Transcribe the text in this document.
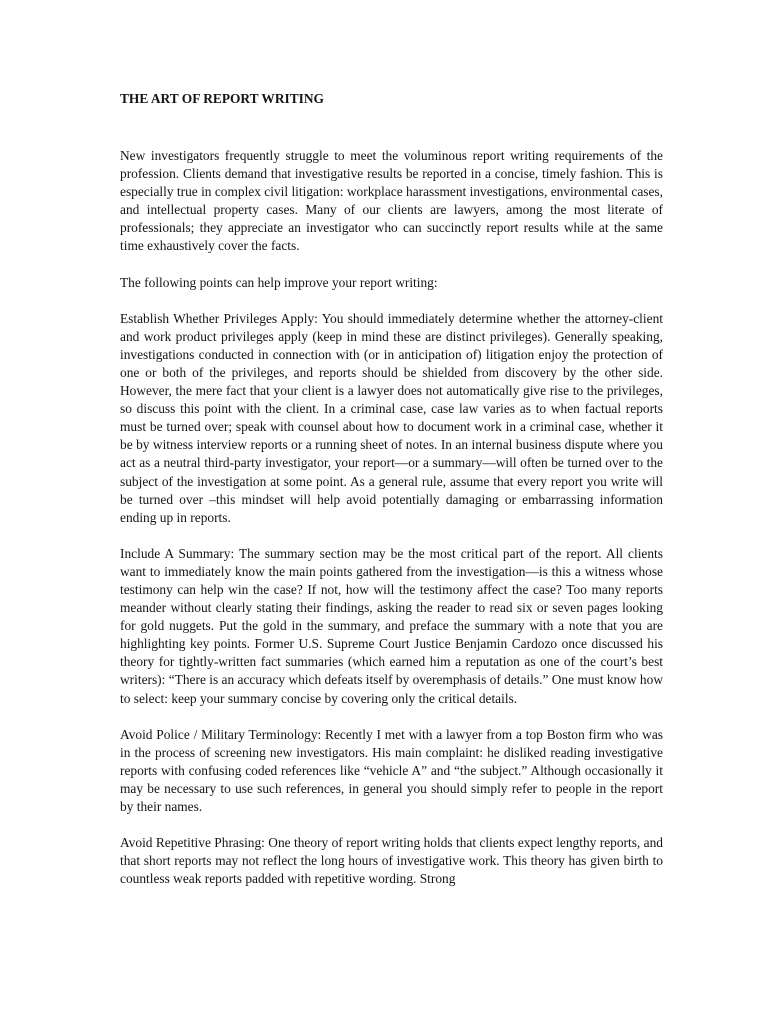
THE ART OF REPORT WRITING

New investigators frequently struggle to meet the voluminous report writing requirements of the profession. Clients demand that investigative results be reported in a concise, timely fashion. This is especially true in complex civil litigation: workplace harassment investigations, environmental cases, and intellectual property cases. Many of our clients are lawyers, among the most literate of professionals; they appreciate an investigator who can succinctly report results while at the same time exhaustively cover the facts.

The following points can help improve your report writing:

Establish Whether Privileges Apply: You should immediately determine whether the attorney-client and work product privileges apply (keep in mind these are distinct privileges). Generally speaking, investigations conducted in connection with (or in anticipation of) litigation enjoy the protection of one or both of the privileges, and reports should be shielded from discovery by the other side. However, the mere fact that your client is a lawyer does not automatically give rise to the privileges, so discuss this point with the client. In a criminal case, case law varies as to when factual reports must be turned over; speak with counsel about how to document work in a criminal case, whether it be by witness interview reports or a running sheet of notes. In an internal business dispute where you act as a neutral third-party investigator, your report—or a summary—will often be turned over to the subject of the investigation at some point. As a general rule, assume that every report you write will be turned over –this mindset will help avoid potentially damaging or embarrassing information ending up in reports.

Include A Summary: The summary section may be the most critical part of the report. All clients want to immediately know the main points gathered from the investigation—is this a witness whose testimony can help win the case? If not, how will the testimony affect the case? Too many reports meander without clearly stating their findings, asking the reader to read six or seven pages looking for gold nuggets. Put the gold in the summary, and preface the summary with a note that you are highlighting key points. Former U.S. Supreme Court Justice Benjamin Cardozo once discussed his theory for tightly-written fact summaries (which earned him a reputation as one of the court’s best writers): “There is an accuracy which defeats itself by overemphasis of details.” One must know how to select: keep your summary concise by covering only the critical details.

Avoid Police / Military Terminology: Recently I met with a lawyer from a top Boston firm who was in the process of screening new investigators. His main complaint: he disliked reading investigative reports with confusing coded references like “vehicle A” and “the subject.” Although occasionally it may be necessary to use such references, in general you should simply refer to people in the report by their names.

Avoid Repetitive Phrasing: One theory of report writing holds that clients expect lengthy reports, and that short reports may not reflect the long hours of investigative work. This theory has given birth to countless weak reports padded with repetitive wording. Strong
